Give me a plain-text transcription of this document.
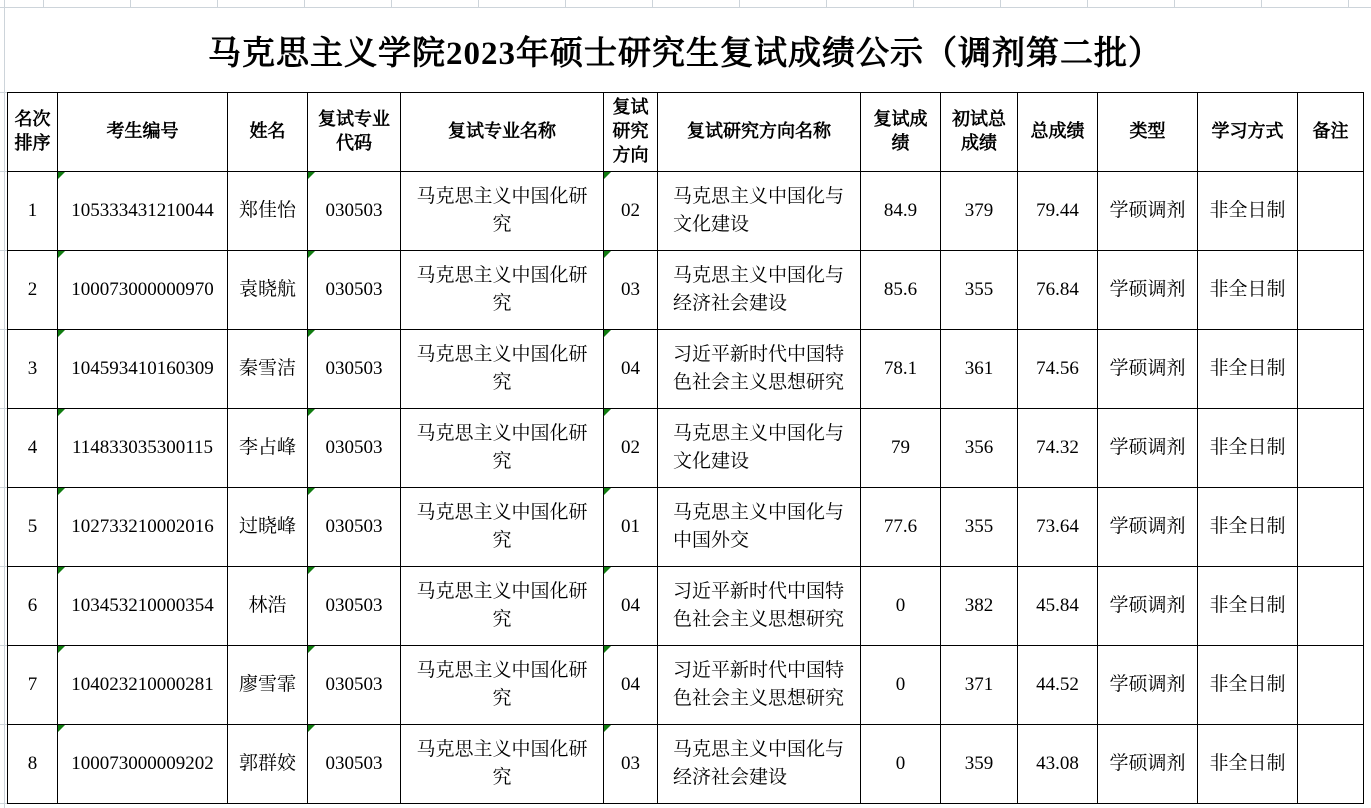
马克思主义学院2023年硕士研究生复试成绩公示（调剂第二批）
名次排序	考生编号	姓名	复试专业代码	复试专业名称	复试研究方向	复试研究方向名称	复试成绩	初试总成绩	总成绩	类型	学习方式	备注
1	105333431210044	郑佳怡	030503	马克思主义中国化研究	02	马克思主义中国化与文化建设	84.9	379	79.44	学硕调剂	非全日制	
2	100073000000970	袁晓航	030503	马克思主义中国化研究	03	马克思主义中国化与经济社会建设	85.6	355	76.84	学硕调剂	非全日制	
3	104593410160309	秦雪洁	030503	马克思主义中国化研究	04	习近平新时代中国特色社会主义思想研究	78.1	361	74.56	学硕调剂	非全日制	
4	114833035300115	李占峰	030503	马克思主义中国化研究	02	马克思主义中国化与文化建设	79	356	74.32	学硕调剂	非全日制	
5	102733210002016	过晓峰	030503	马克思主义中国化研究	01	马克思主义中国化与中国外交	77.6	355	73.64	学硕调剂	非全日制	
6	103453210000354	林浩	030503	马克思主义中国化研究	04	习近平新时代中国特色社会主义思想研究	0	382	45.84	学硕调剂	非全日制	
7	104023210000281	廖雪霏	030503	马克思主义中国化研究	04	习近平新时代中国特色社会主义思想研究	0	371	44.52	学硕调剂	非全日制	
8	100073000009202	郭群姣	030503	马克思主义中国化研究	03	马克思主义中国化与经济社会建设	0	359	43.08	学硕调剂	非全日制	
